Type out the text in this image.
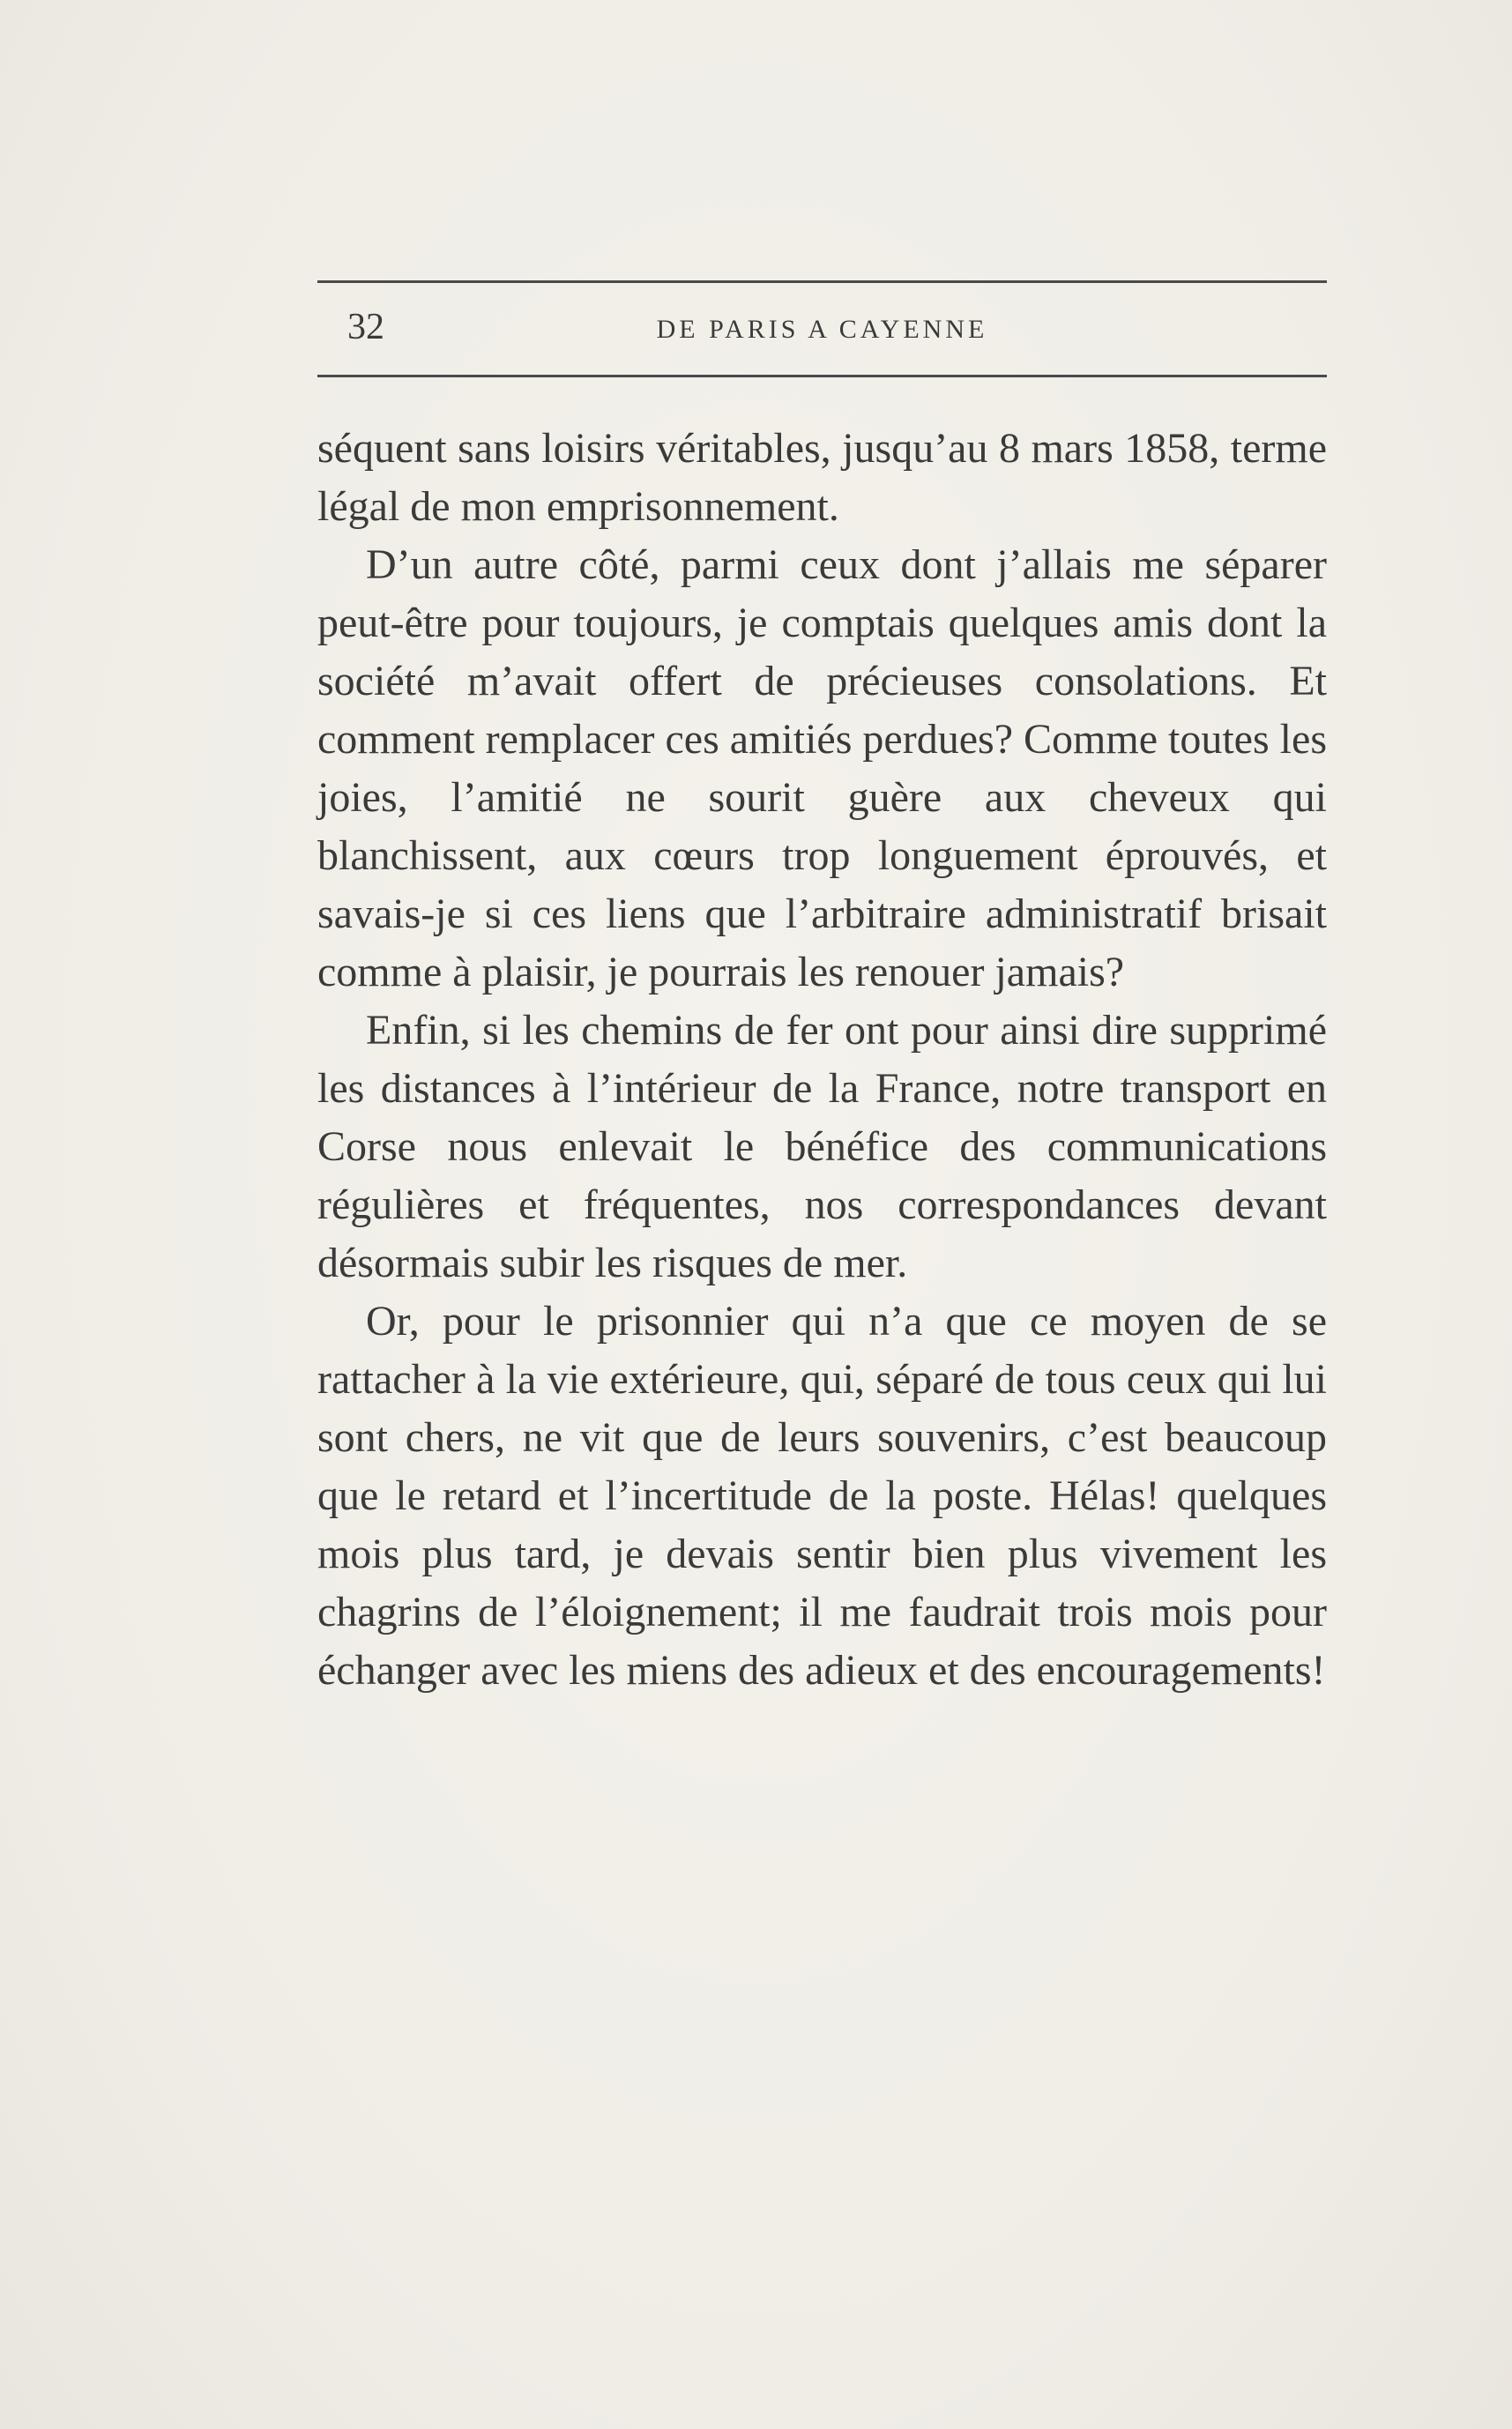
32	DE PARIS A CAYENNE

séquent sans loisirs véritables, jusqu’au 8 mars 1858, terme légal de mon emprisonnement.

D’un autre côté, parmi ceux dont j’allais me séparer peut-être pour toujours, je comptais quelques amis dont la société m’avait offert de précieuses consolations. Et comment remplacer ces amitiés perdues? Comme toutes les joies, l’amitié ne sourit guère aux cheveux qui blanchissent, aux cœurs trop longuement éprouvés, et savais-je si ces liens que l’arbitraire administratif brisait comme à plaisir, je pourrais les renouer jamais?

Enfin, si les chemins de fer ont pour ainsi dire supprimé les distances à l’intérieur de la France, notre transport en Corse nous enlevait le bénéfice des communications régulières et fréquentes, nos correspondances devant désormais subir les risques de mer.

Or, pour le prisonnier qui n’a que ce moyen de se rattacher à la vie extérieure, qui, séparé de tous ceux qui lui sont chers, ne vit que de leurs souvenirs, c’est beaucoup que le retard et l’incertitude de la poste. Hélas! quelques mois plus tard, je devais sentir bien plus vivement les chagrins de l’éloignement; il me faudrait trois mois pour échanger avec les miens des adieux et des encouragements!
